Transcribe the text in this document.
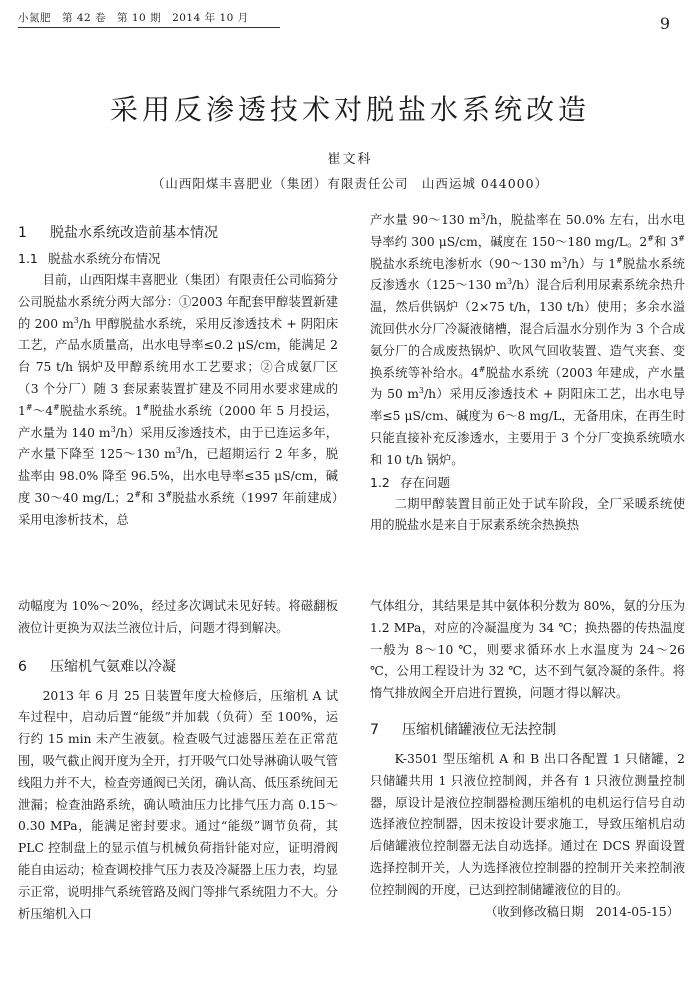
小氮肥　第 42 卷　第 10 期　2014 年 10 月	9
采用反渗透技术对脱盐水系统改造
崔文科
（山西阳煤丰喜肥业（集团）有限责任公司　山西运城 044000）
1 脱盐水系统改造前基本情况
1.1 脱盐水系统分布情况

目前，山西阳煤丰喜肥业（集团）有限责任公司临猗分公司脱盐水系统分两大部分：①2003 年配套甲醇装置新建的 200 $m^3/h$ 甲醇脱盐水系统，采用反渗透技术 + 阴阳床工艺，产品水质量高，出水电导率≤0.2 μS/cm，能满足 2 台 75 t/h 锅炉及甲醇系统用水工艺要求；②合成氨厂区（3 个分厂）随 3 套尿素装置扩建及不同用水要求建成的 1#～4#脱盐水系统。1#脱盐水系统（2000 年 5 月投运，产水量为 140 $m^3/h$）采用反渗透技术，由于已连运多年，产水量下降至 125～130 $m^3/h$，已超期运行 2 年多，脱盐率由 98.0% 降至 96.5%，出水电导率≤35 μS/cm，碱度 30～40 mg/L；2#和 3#脱盐水系统（1997 年前建成）采用电渗析技术，总

产水量 90～130 $m^3/h$，脱盐率在 50.0% 左右，出水电导率约 300 μS/cm，碱度在 150～180 mg/L。2#和 3#脱盐水系统电渗析水（90～130 $m^3/h$）与 1#脱盐水系统反渗透水（125～130 $m^3/h$）混合后利用尿素系统余热升温，然后供锅炉（2×75 t/h，130 t/h）使用；多余水溢流回供水分厂冷凝液储槽，混合后温水分别作为 3 个合成氨分厂的合成废热锅炉、吹风气回收装置、造气夹套、变换系统等补给水。4#脱盐水系统（2003 年建成，产水量为 50 $m^3/h$）采用反渗透技术 + 阴阳床工艺，出水电导率≤5 μS/cm、碱度为 6～8 mg/L，无备用床，在再生时只能直接补充反渗透水，主要用于 3 个分厂变换系统喷水和 10 t/h 锅炉。

1.2 存在问题

二期甲醇装置目前正处于试车阶段，全厂采暖系统使用的脱盐水是来自于尿素系统余热换热

动幅度为 10%～20%，经过多次调试未见好转。将磁翻板液位计更换为双法兰液位计后，问题才得到解决。

6 压缩机气氨难以冷凝

2013 年 6 月 25 日装置年度大检修后，压缩机 A 试车过程中，启动后置“能级”并加载（负荷）至 100%，运行约 15 min 未产生液氨。检查吸气过滤器压差在正常范围，吸气截止阀开度为全开，打开吸气口处导淋确认吸气管线阻力并不大，检查旁通阀已关闭，确认高、低压系统间无泄漏；检查油路系统，确认喷油压力比排气压力高 0.15～0.30 MPa，能满足密封要求。通过“能级”调节负荷，其 PLC 控制盘上的显示值与机械负荷指针能对应，证明滑阀能自由运动；检查调校排气压力表及冷凝器上压力表，均显示正常，说明排气系统管路及阀门等排气系统阻力不大。分析压缩机入口

气体组分，其结果是其中氨体积分数为 80%，氨的分压为 1.2 MPa，对应的冷凝温度为 34 ℃；换热器的传热温度一般为 8～10 ℃，则要求循环水上水温度为 24～26 ℃，公用工程设计为 32 ℃，达不到气氨冷凝的条件。将惰气排放阀全开启进行置换，问题才得以解决。

7 压缩机储罐液位无法控制

K-3501 型压缩机 A 和 B 出口各配置 1 只储罐，2 只储罐共用 1 只液位控制阀，并各有 1 只液位测量控制器，原设计是液位控制器检测压缩机的电机运行信号自动选择液位控制器，因未按设计要求施工，导致压缩机启动后储罐液位控制器无法自动选择。通过在 DCS 界面设置选择控制开关，人为选择液位控制器的控制开关来控制液位控制阀的开度，已达到控制储罐液位的目的。

（收到修改稿日期　2014-05-15）
